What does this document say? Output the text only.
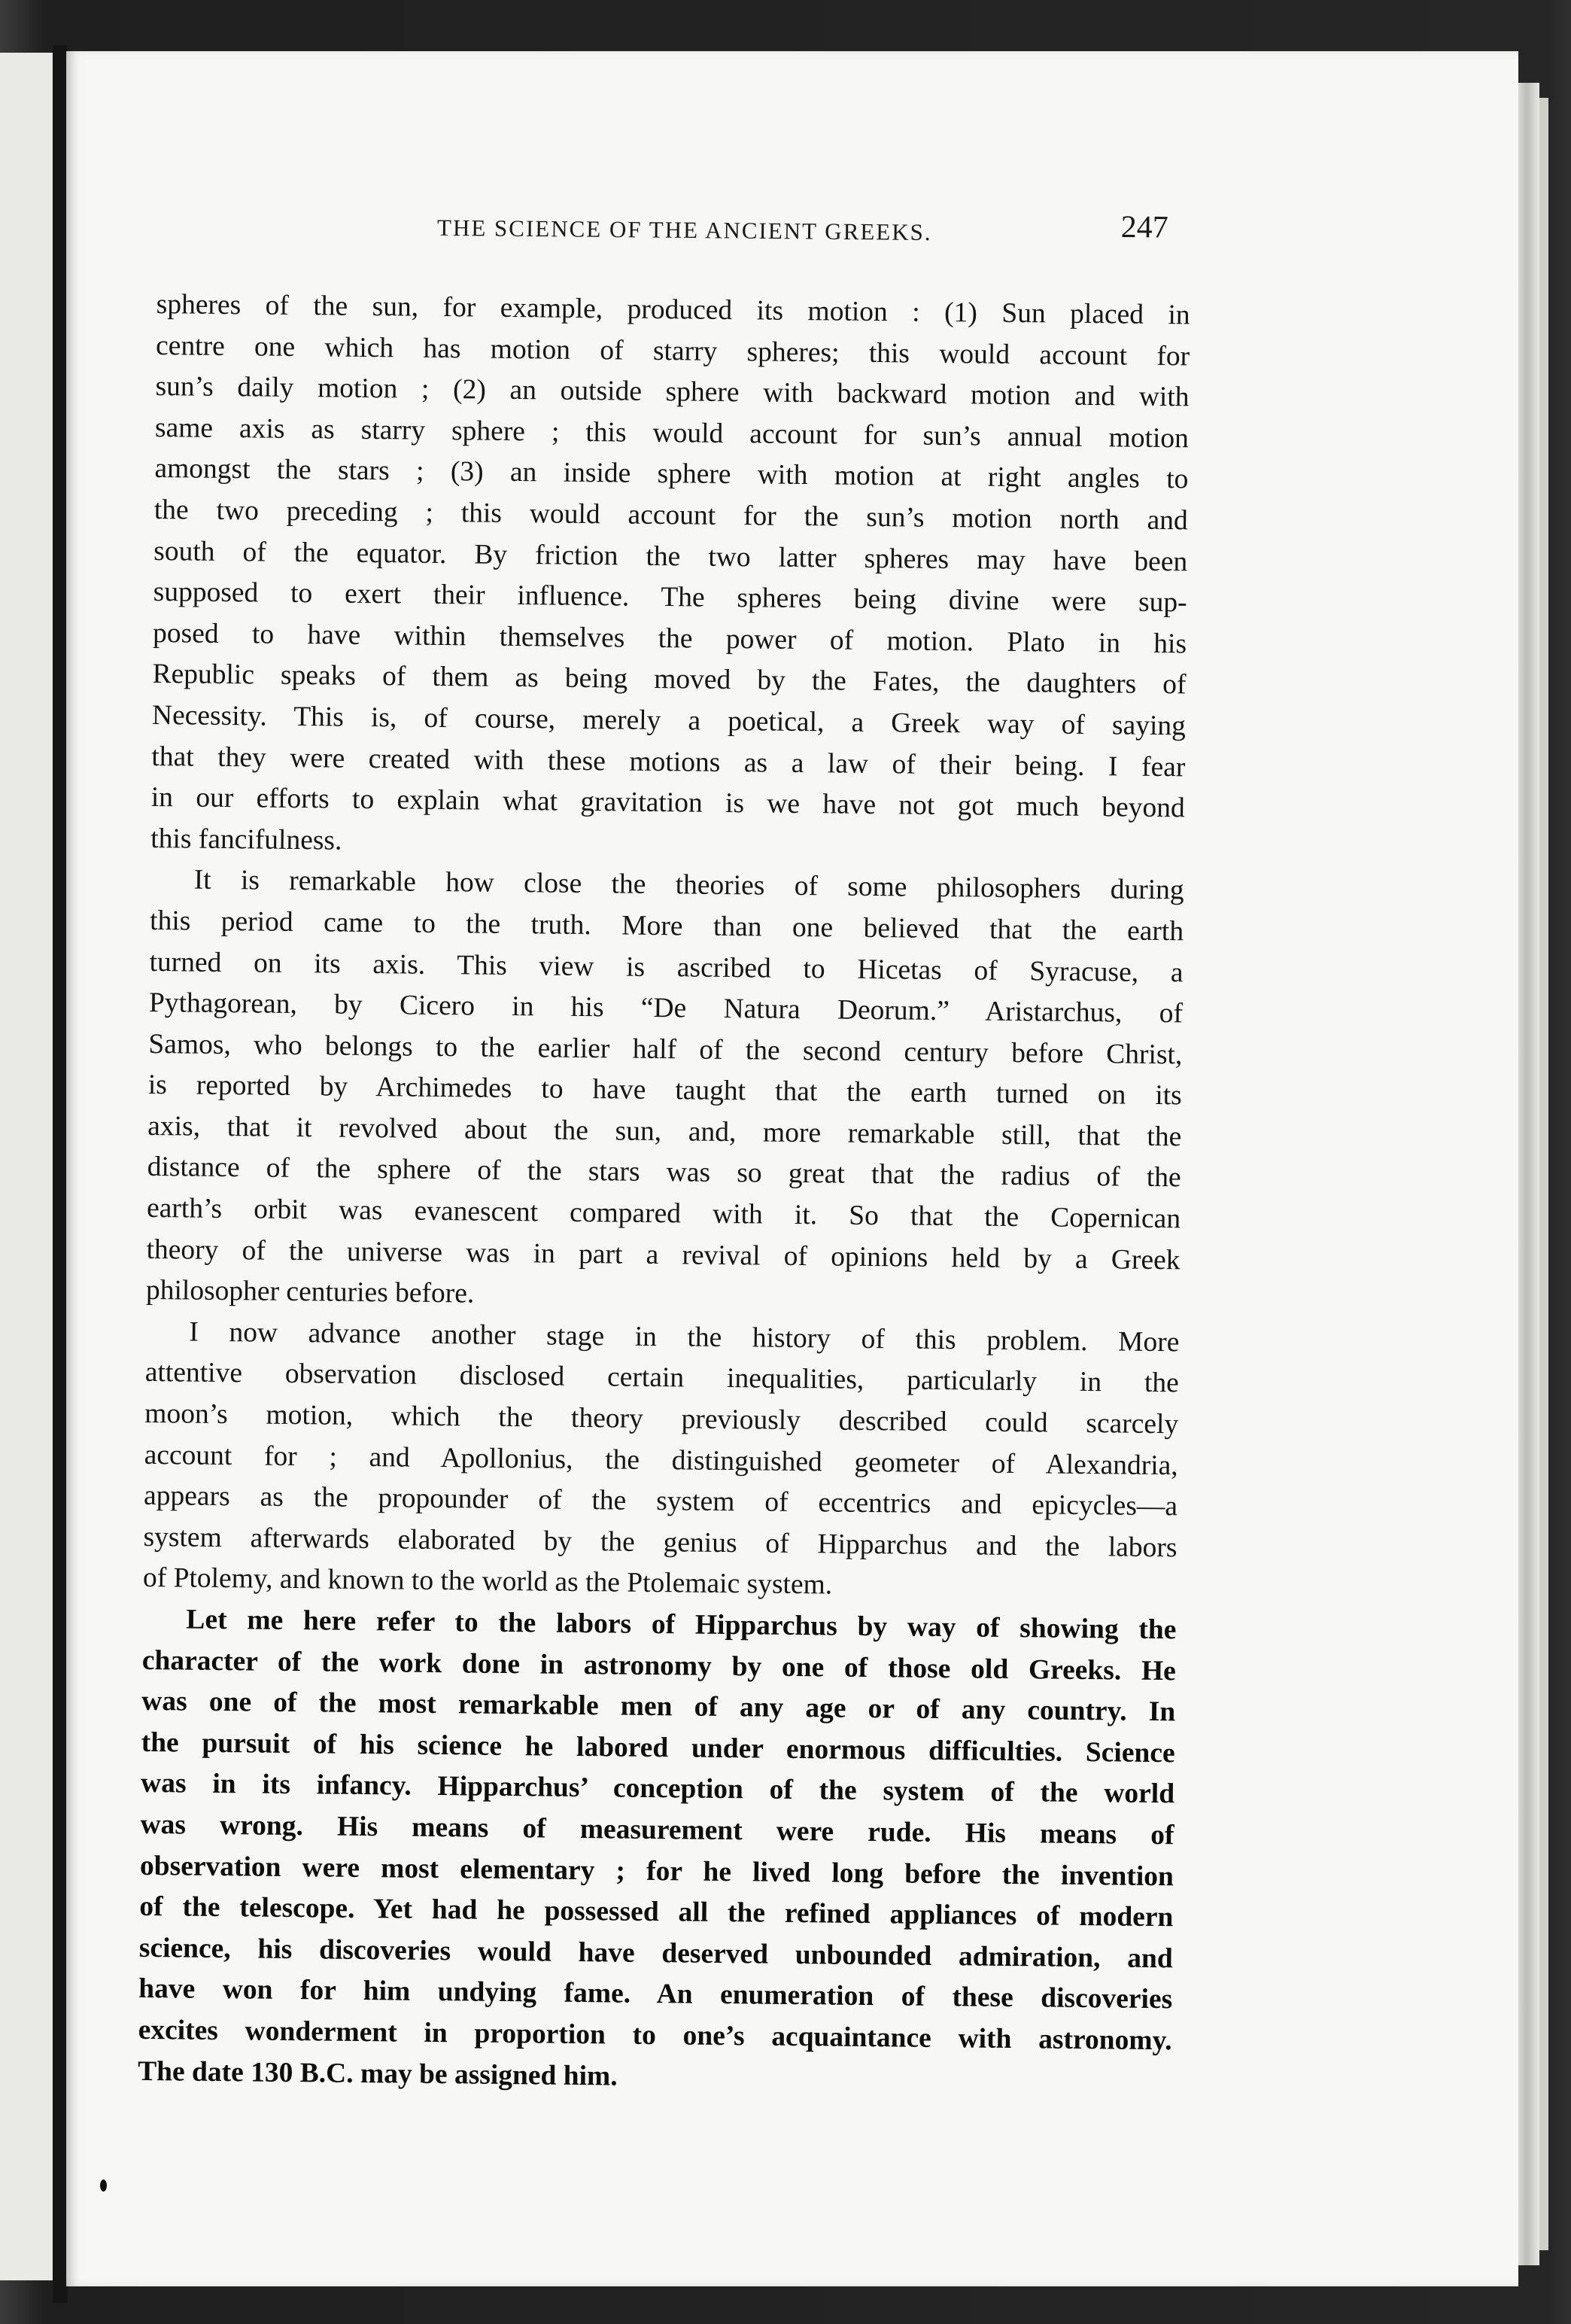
THE SCIENCE OF THE ANCIENT GREEKS.	247
spheres of the sun, for example, produced its motion : (1) Sun placed in
centre one which has motion of starry spheres; this would account for
sun’s daily motion ; (2) an outside sphere with backward motion and with
same axis as starry sphere ; this would account for sun’s annual motion
amongst the stars ; (3) an inside sphere with motion at right angles to
the two preceding ; this would account for the sun’s motion north and
south of the equator. By friction the two latter spheres may have been
supposed to exert their influence. The spheres being divine were sup-
posed to have within themselves the power of motion. Plato in his
Republic speaks of them as being moved by the Fates, the daughters of
Necessity. This is, of course, merely a poetical, a Greek way of saying
that they were created with these motions as a law of their being. I fear
in our efforts to explain what gravitation is we have not got much beyond
this fancifulness.
It is remarkable how close the theories of some philosophers during
this period came to the truth. More than one believed that the earth
turned on its axis. This view is ascribed to Hicetas of Syracuse, a
Pythagorean, by Cicero in his “De Natura Deorum.” Aristarchus, of
Samos, who belongs to the earlier half of the second century before Christ,
is reported by Archimedes to have taught that the earth turned on its
axis, that it revolved about the sun, and, more remarkable still, that the
distance of the sphere of the stars was so great that the radius of the
earth’s orbit was evanescent compared with it. So that the Copernican
theory of the universe was in part a revival of opinions held by a Greek
philosopher centuries before.
I now advance another stage in the history of this problem. More
attentive observation disclosed certain inequalities, particularly in the
moon’s motion, which the theory previously described could scarcely
account for ; and Apollonius, the distinguished geometer of Alexandria,
appears as the propounder of the system of eccentrics and epicycles—a
system afterwards elaborated by the genius of Hipparchus and the labors
of Ptolemy, and known to the world as the Ptolemaic system.
Let me here refer to the labors of Hipparchus by way of showing the
character of the work done in astronomy by one of those old Greeks. He
was one of the most remarkable men of any age or of any country. In
the pursuit of his science he labored under enormous difficulties. Science
was in its infancy. Hipparchus’ conception of the system of the world
was wrong. His means of measurement were rude. His means of
observation were most elementary ; for he lived long before the invention
of the telescope. Yet had he possessed all the refined appliances of modern
science, his discoveries would have deserved unbounded admiration, and
have won for him undying fame. An enumeration of these discoveries
excites wonderment in proportion to one’s acquaintance with astronomy.
The date 130 B.C. may be assigned him.
